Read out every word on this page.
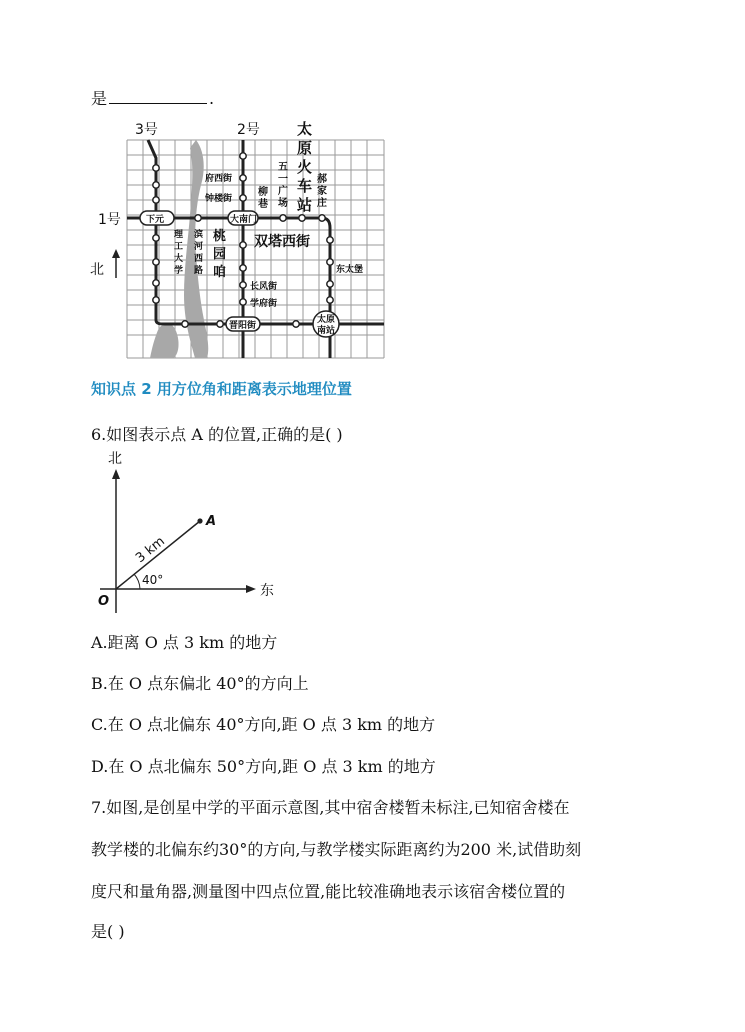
是	.
3号	2号
1号
太
原
火
车
站
府西街
钟楼街
下元	大南门
五
一
广
场
柳
巷
郝
家
庄
理
工
大
学
滨
河
西
路
桃
园
咱
双塔西街
东太堡
长风街
学府街
晋阳街
太原
南站
北
知识点 2 用方位角和距离表示地理位置
6.如图表示点 A 的位置,正确的是( )
北
东
O
A
3 km
40°
A.距离 O 点 3 km 的地方
B.在 O 点东偏北 40°的方向上
C.在 O 点北偏东 40°方向,距 O 点 3 km 的地方
D.在 O 点北偏东 50°方向,距 O 点 3 km 的地方
7.如图,是创星中学的平面示意图,其中宿舍楼暂未标注,已知宿舍楼在
教学楼的北偏东约30°的方向,与教学楼实际距离约为200 米,试借助刻
度尺和量角器,测量图中四点位置,能比较准确地表示该宿舍楼位置的
是( )
